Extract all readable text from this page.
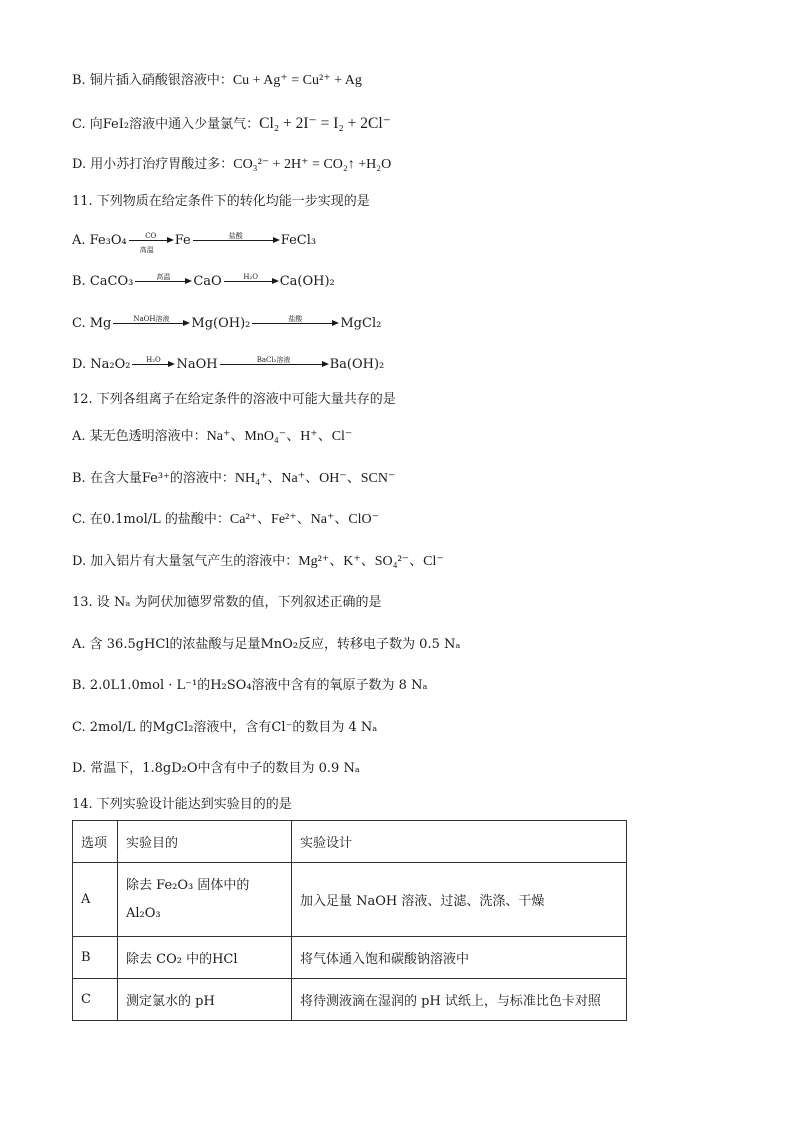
B. 铜片插入硝酸银溶液中：Cu + Ag⁺ = Cu²⁺ + Ag
C. 向FeI₂溶液中通入少量氯气：Cl₂ + 2I⁻ = I₂ + 2Cl⁻
D. 用小苏打治疗胃酸过多：CO₃²⁻ + 2H⁺ = CO₂↑ +H₂O
11. 下列物质在给定条件下的转化均能一步实现的是
A. Fe₃O₄	CO
高温
Fe	盐酸	FeCl₃
B. CaCO₃	高温	CaO	H₂O	Ca(OH)₂
C. Mg	NaOH溶液	Mg(OH)₂	盐酸	MgCl₂
D. Na₂O₂	H₂O	NaOH	BaCl₂溶液	Ba(OH)₂
12. 下列各组离子在给定条件的溶液中可能大量共存的是
A. 某无色透明溶液中：Na⁺、MnO₄⁻、H⁺、Cl⁻
B. 在含大量Fe³⁺的溶液中：NH₄⁺、Na⁺、OH⁻、SCN⁻
C. 在0.1mol/L 的盐酸中：Ca²⁺、Fe²⁺、Na⁺、ClO⁻
D. 加入铝片有大量氢气产生的溶液中：Mg²⁺、K⁺、SO₄²⁻、Cl⁻
13. 设 Nₐ 为阿伏加德罗常数的值，下列叙述正确的是
A. 含 36.5gHCl的浓盐酸与足量MnO₂反应，转移电子数为 0.5 Nₐ
B. 2.0L1.0mol · L⁻¹的H₂SO₄溶液中含有的氧原子数为 8 Nₐ
C. 2mol/L 的MgCl₂溶液中，含有Cl⁻的数目为 4 Nₐ
D. 常温下，1.8gD₂O中含有中子的数目为 0.9 Nₐ
14. 下列实验设计能达到实验目的的是
选项	实验目的	实验设计
A	除去 Fe₂O₃ 固体中的 Al₂O₃	加入足量 NaOH 溶液、过滤、洗涤、干燥
B	除去 CO₂ 中的HCl	将气体通入饱和碳酸钠溶液中
C	测定氯水的 pH	将待测液滴在湿润的 pH 试纸上，与标准比色卡对照
